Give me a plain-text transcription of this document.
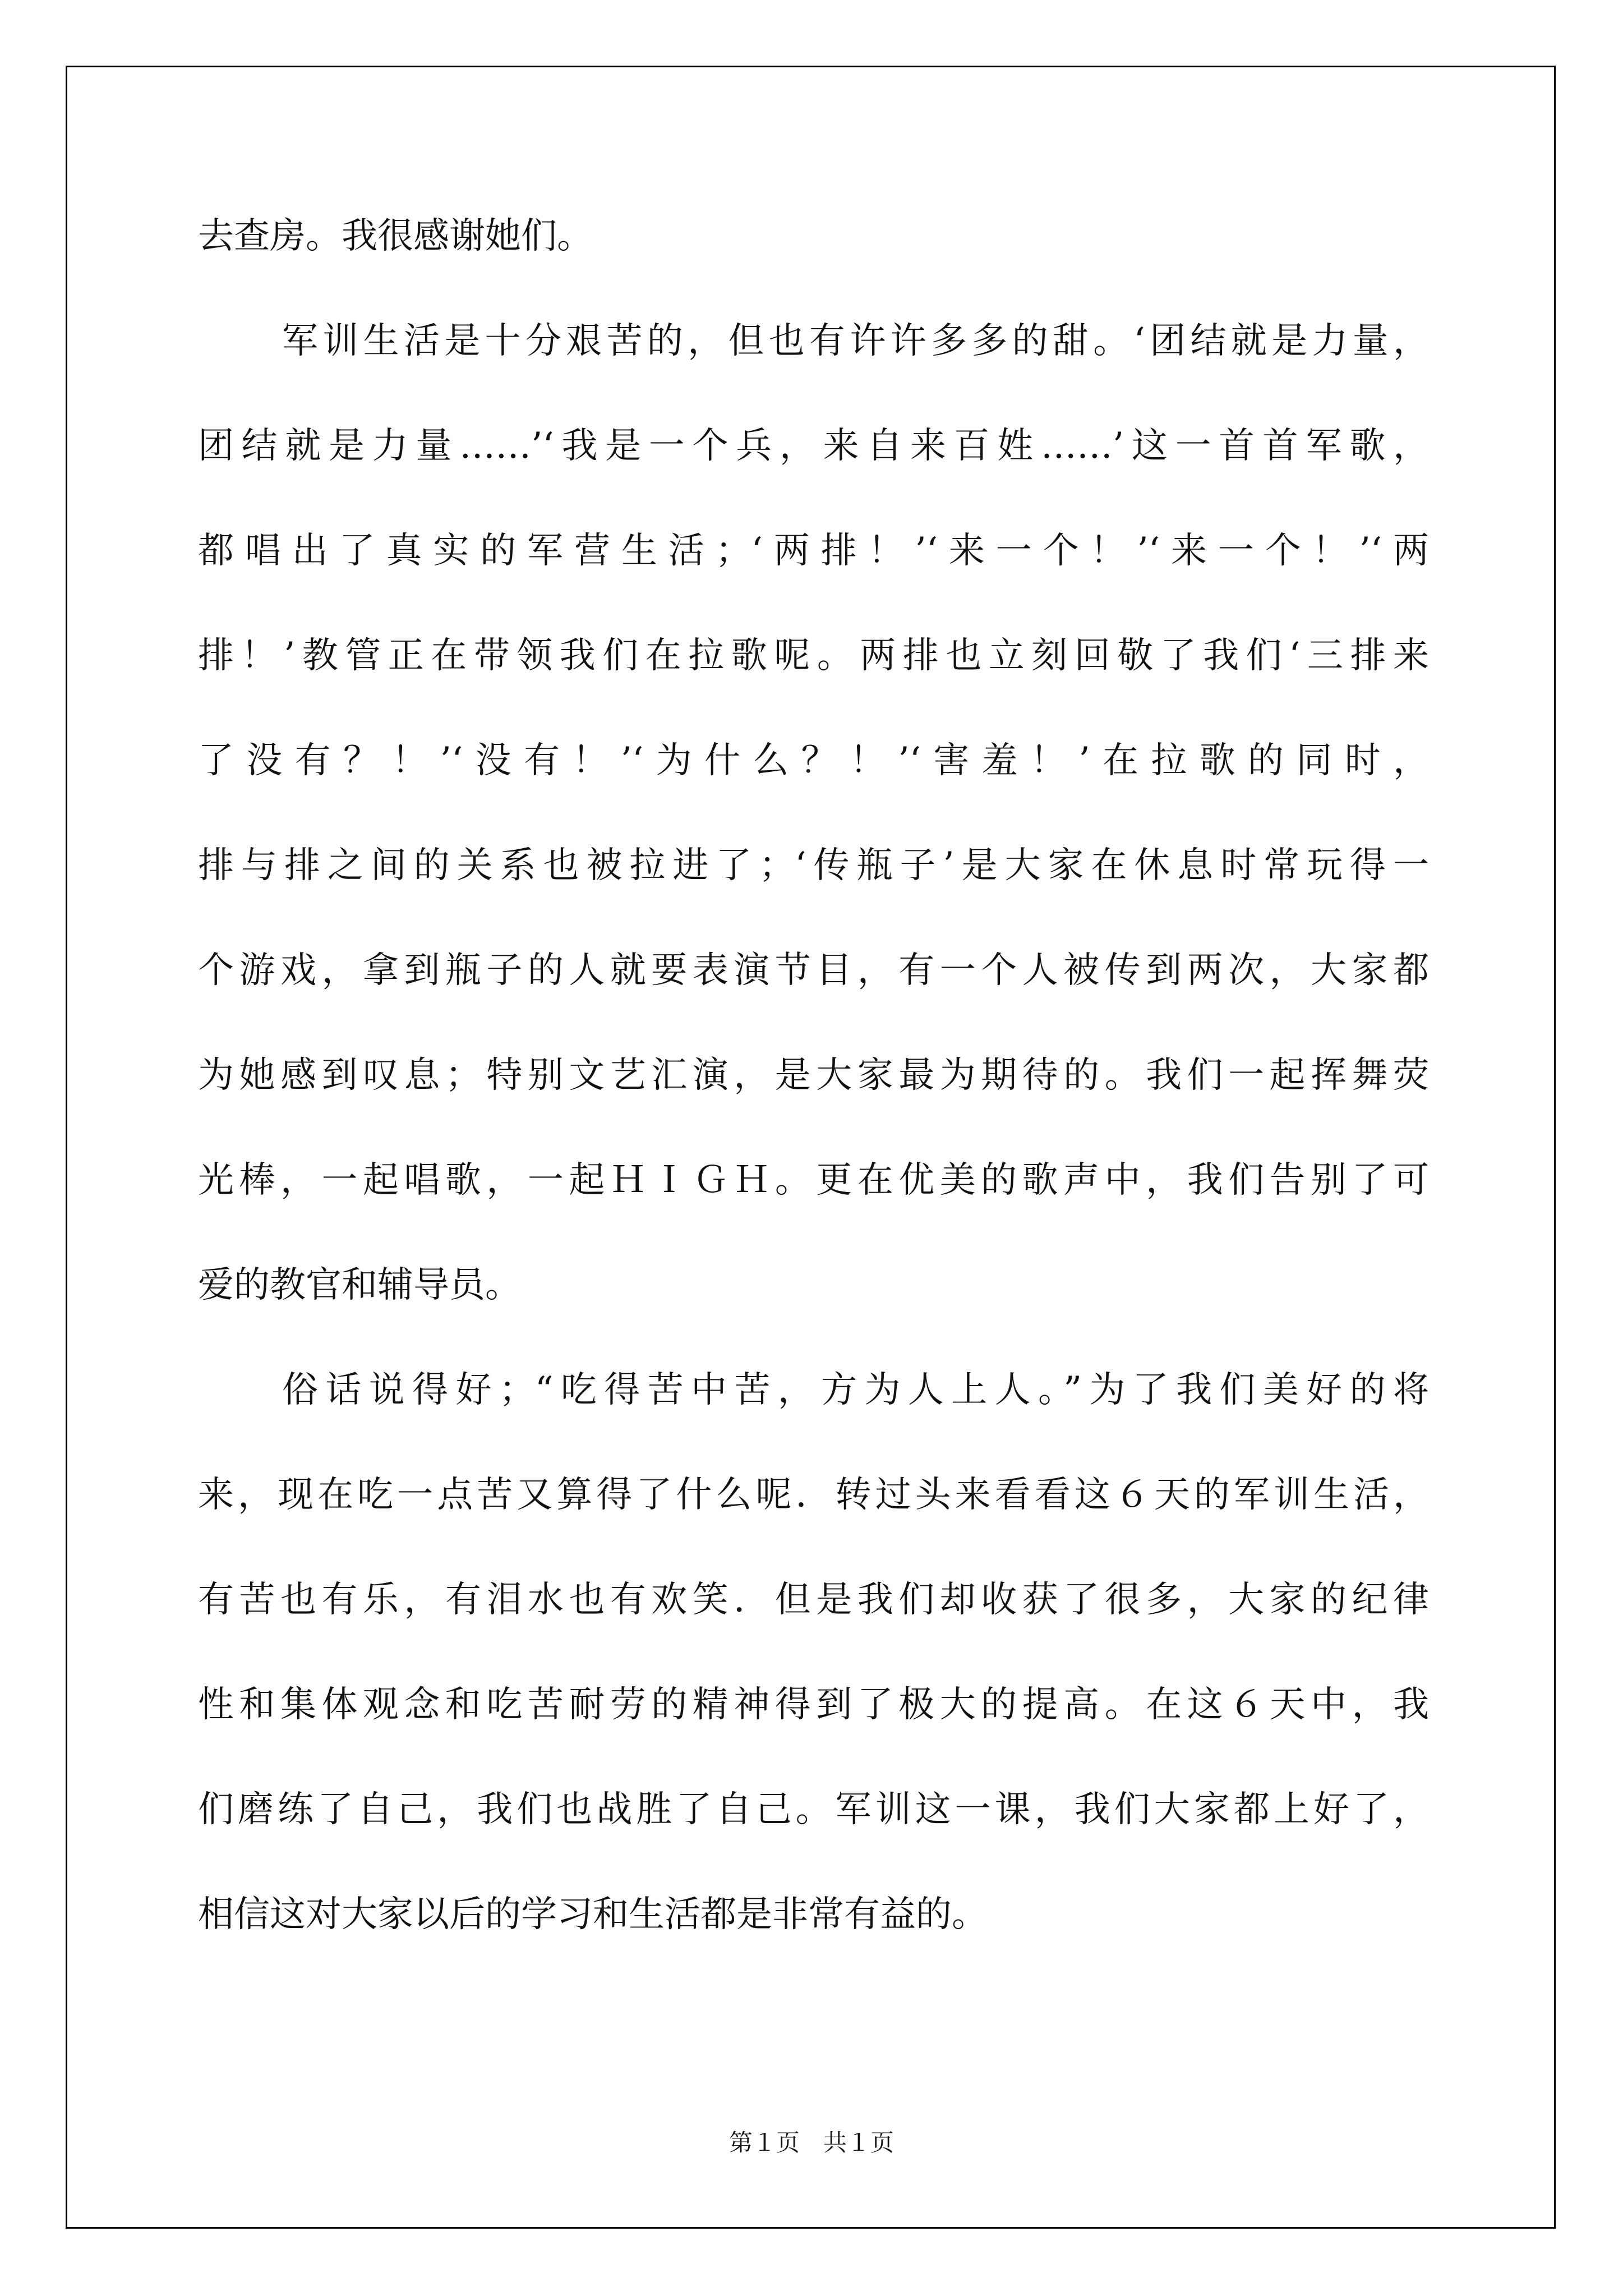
去查房。我很感谢她们。
军训生活是十分艰苦的，但也有许许多多的甜。‘团结就是力量，
团结就是力量……’‘我是一个兵，来自来百姓……’这一首首军歌，
都唱出了真实的军营生活；‘两排！’‘来一个！’‘来一个！’‘两
排！’教管正在带领我们在拉歌呢。两排也立刻回敬了我们‘三排来
了没有？！’‘没有！’‘为什么？！’‘害羞！’在拉歌的同时，
排与排之间的关系也被拉进了；‘传瓶子’是大家在休息时常玩得一
个游戏，拿到瓶子的人就要表演节目，有一个人被传到两次，大家都
为她感到叹息；特别文艺汇演，是大家最为期待的。我们一起挥舞荧
光棒，一起唱歌，一起ＨＩＧＨ。更在优美的歌声中，我们告别了可
爱的教官和辅导员。
俗话说得好；“吃得苦中苦，方为人上人。”为了我们美好的将
来，现在吃一点苦又算得了什么呢．转过头来看看这６天的军训生活，
有苦也有乐，有泪水也有欢笑．但是我们却收获了很多，大家的纪律
性和集体观念和吃苦耐劳的精神得到了极大的提高。在这６天中，我
们磨练了自己，我们也战胜了自己。军训这一课，我们大家都上好了，
相信这对大家以后的学习和生活都是非常有益的。
第１页　共１页
